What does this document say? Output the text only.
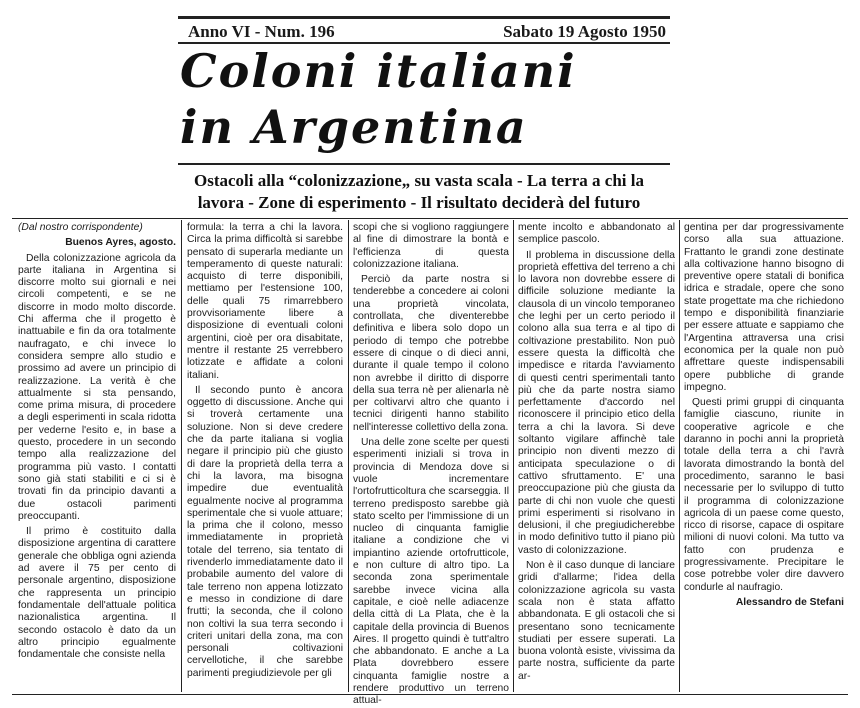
Anno VI - Num. 196	Sabato 19 Agosto 1950
Coloni italiani
in Argentina
Ostacoli alla “colonizzazione„ su vasta scala - La terra a chi la lavora - Zone di esperimento - Il risultato deciderà del futuro

(Dal nostro corrispondente)

Buenos Ayres, agosto.

Della colonizzazione agricola da parte italiana in Argentina si discorre molto sui giornali e nei circoli competenti, e se ne discorre in modo molto discorde. Chi afferma che il progetto è inattuabile e fin da ora totalmente naufragato, e chi invece lo considera sempre allo studio e prossimo ad avere un principio di realizzazione. La verità è che attualmente si sta pensando, come prima misura, di procedere a degli esperimenti in scala ridotta per vederne l'esito e, in base a questo, procedere in un secondo tempo alla realizzazione del programma più vasto. I contatti sono già stati stabiliti e ci si è trovati fin da principio davanti a due ostacoli parimenti preoccupanti.

Il primo è costituito dalla disposizione argentina di carattere generale che obbliga ogni azienda ad avere il 75 per cento di personale argentino, disposizione che rappresenta un principio fondamentale dell'attuale politica nazionalistica argentina. Il secondo ostacolo è dato da un altro principio egualmente fondamentale che consiste nella

formula: la terra a chi la lavora. Circa la prima difficoltà si sarebbe pensato di superarla mediante un temperamento di queste naturali: acquisto di terre disponibili, mettiamo per l'estensione 100, delle quali 75 rimarrebbero provvisoriamente libere a disposizione di eventuali coloni argentini, cioè per ora disabitate, mentre il restante 25 verrebbero lotizzate e affidate a coloni italiani.

Il secondo punto è ancora oggetto di discussione. Anche qui si troverà certamente una soluzione. Non si deve credere che da parte italiana si voglia negare il principio più che giusto di dare la proprietà della terra a chi la lavora, ma bisogna impedire due eventualità egualmente nocive al programma sperimentale che si vuole attuare; la prima che il colono, messo immediatamente in proprietà totale del terreno, sia tentato di rivenderlo immediatamente dato il probabile aumento del valore di tale terreno non appena lotizzato e messo in condizione di dare frutti; la seconda, che il colono non coltivi la sua terra secondo i criteri unitari della zona, ma con personali coltivazioni cervellotiche, il che sarebbe parimenti pregiudizievole per gli

scopi che si vogliono raggiungere al fine di dimostrare la bontà e l'efficienza di questa colonizzazione italiana.

Perciò da parte nostra si tenderebbe a concedere ai coloni una proprietà vincolata, controllata, che diventerebbe definitiva e libera solo dopo un periodo di tempo che potrebbe essere di cinque o di dieci anni, durante il quale tempo il colono non avrebbe il diritto di disporre della sua terra nè per alienarla nè per coltivarvi altro che quanto i tecnici dirigenti hanno stabilito nell'interesse collettivo della zona.

Una delle zone scelte per questi esperimenti iniziali si trova in provincia di Mendoza dove si vuole incrementare l'ortofrutticoltura che scarseggia. Il terreno predisposto sarebbe già stato scelto per l'immissione di un nucleo di cinquanta famiglie italiane a condizione che vi impiantino aziende ortofrutticole, e non culture di altro tipo. La seconda zona sperimentale sarebbe invece vicina alla capitale, e cioè nelle adiacenze della città di La Plata, che è la capitale della provincia di Buenos Aires. Il progetto quindi è tutt'altro che abbandonato. E anche a La Plata dovrebbero essere cinquanta famiglie nostre a rendere produttivo un terreno attual-

mente incolto e abbandonato al semplice pascolo.

Il problema in discussione della proprietà effettiva del terreno a chi lo lavora non dovrebbe essere di difficile soluzione mediante la clausola di un vincolo temporaneo che leghi per un certo periodo il colono alla sua terra e al tipo di coltivazione prestabilito. Non può essere questa la difficoltà che impedisce e ritarda l'avviamento di questi centri sperimentali tanto più che da parte nostra siamo perfettamente d'accordo nel riconoscere il principio etico della terra a chi la lavora. Si deve soltanto vigilare affinchè tale principio non diventi mezzo di anticipata speculazione o di cattivo sfruttamento. E' una preoccupazione più che giusta da parte di chi non vuole che questi primi esperimenti si risolvano in delusioni, il che pregiudicherebbe in modo definitivo tutto il piano più vasto di colonizzazione.

Non è il caso dunque di lanciare gridi d'allarme; l'idea della colonizzazione agricola su vasta scala non è stata affatto abbandonata. E gli ostacoli che si presentano sono tecnicamente studiati per essere superati. La buona volontà esiste, vivissima da parte nostra, sufficiente da parte ar-

gentina per dar progressivamente corso alla sua attuazione. Frattanto le grandi zone destinate alla coltivazione hanno bisogno di preventive opere statali di bonifica idrica e stradale, opere che sono state progettate ma che richiedono tempo e disponibilità finanziarie per essere attuate e sappiamo che l'Argentina attraversa una crisi economica per la quale non può affrettare queste indispensabili opere pubbliche di grande impegno.

Questi primi gruppi di cinquanta famiglie ciascuno, riunite in cooperative agricole e che daranno in pochi anni la proprietà totale della terra a chi l'avrà lavorata dimostrando la bontà del procedimento, saranno le basi necessarie per lo sviluppo di tutto il programma di colonizzazione agricola di un paese come questo, ricco di risorse, capace di ospitare milioni di nuovi coloni. Ma tutto va fatto con prudenza e progressivamente. Precipitare le cose potrebbe voler dire davvero condurle al naufragio.

Alessandro de Stefani
